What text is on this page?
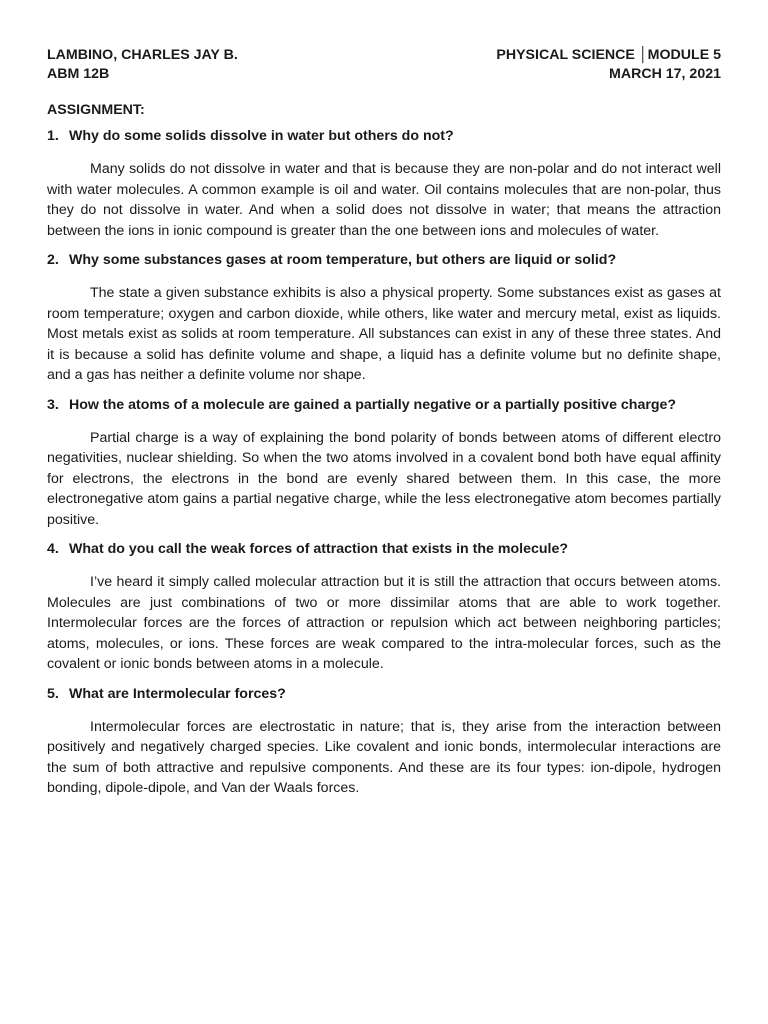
LAMBINO, CHARLES JAY B.
ABM 12B
PHYSICAL SCIENCE │MODULE 5
MARCH 17, 2021
ASSIGNMENT:
1. Why do some solids dissolve in water but others do not?

Many solids do not dissolve in water and that is because they are non-polar and do not interact well with water molecules. A common example is oil and water. Oil contains molecules that are non-polar, thus they do not dissolve in water. And when a solid does not dissolve in water; that means the attraction between the ions in ionic compound is greater than the one between ions and molecules of water.

2. Why some substances gases at room temperature, but others are liquid or solid?

The state a given substance exhibits is also a physical property. Some substances exist as gases at room temperature; oxygen and carbon dioxide, while others, like water and mercury metal, exist as liquids. Most metals exist as solids at room temperature. All substances can exist in any of these three states. And it is because a solid has definite volume and shape, a liquid has a definite volume but no definite shape, and a gas has neither a definite volume nor shape.

3. How the atoms of a molecule are gained a partially negative or a partially positive charge?

Partial charge is a way of explaining the bond polarity of bonds between atoms of different electro negativities, nuclear shielding. So when the two atoms involved in a covalent bond both have equal affinity for electrons, the electrons in the bond are evenly shared between them. In this case, the more electronegative atom gains a partial negative charge, while the less electronegative atom becomes partially positive.

4. What do you call the weak forces of attraction that exists in the molecule?

I’ve heard it simply called molecular attraction but it is still the attraction that occurs between atoms. Molecules are just combinations of two or more dissimilar atoms that are able to work together. Intermolecular forces are the forces of attraction or repulsion which act between neighboring particles; atoms, molecules, or ions. These forces are weak compared to the intra-molecular forces, such as the covalent or ionic bonds between atoms in a molecule.

5. What are Intermolecular forces?

Intermolecular forces are electrostatic in nature; that is, they arise from the interaction between positively and negatively charged species. Like covalent and ionic bonds, intermolecular interactions are the sum of both attractive and repulsive components. And these are its four types: ion-dipole, hydrogen bonding, dipole-dipole, and Van der Waals forces.
